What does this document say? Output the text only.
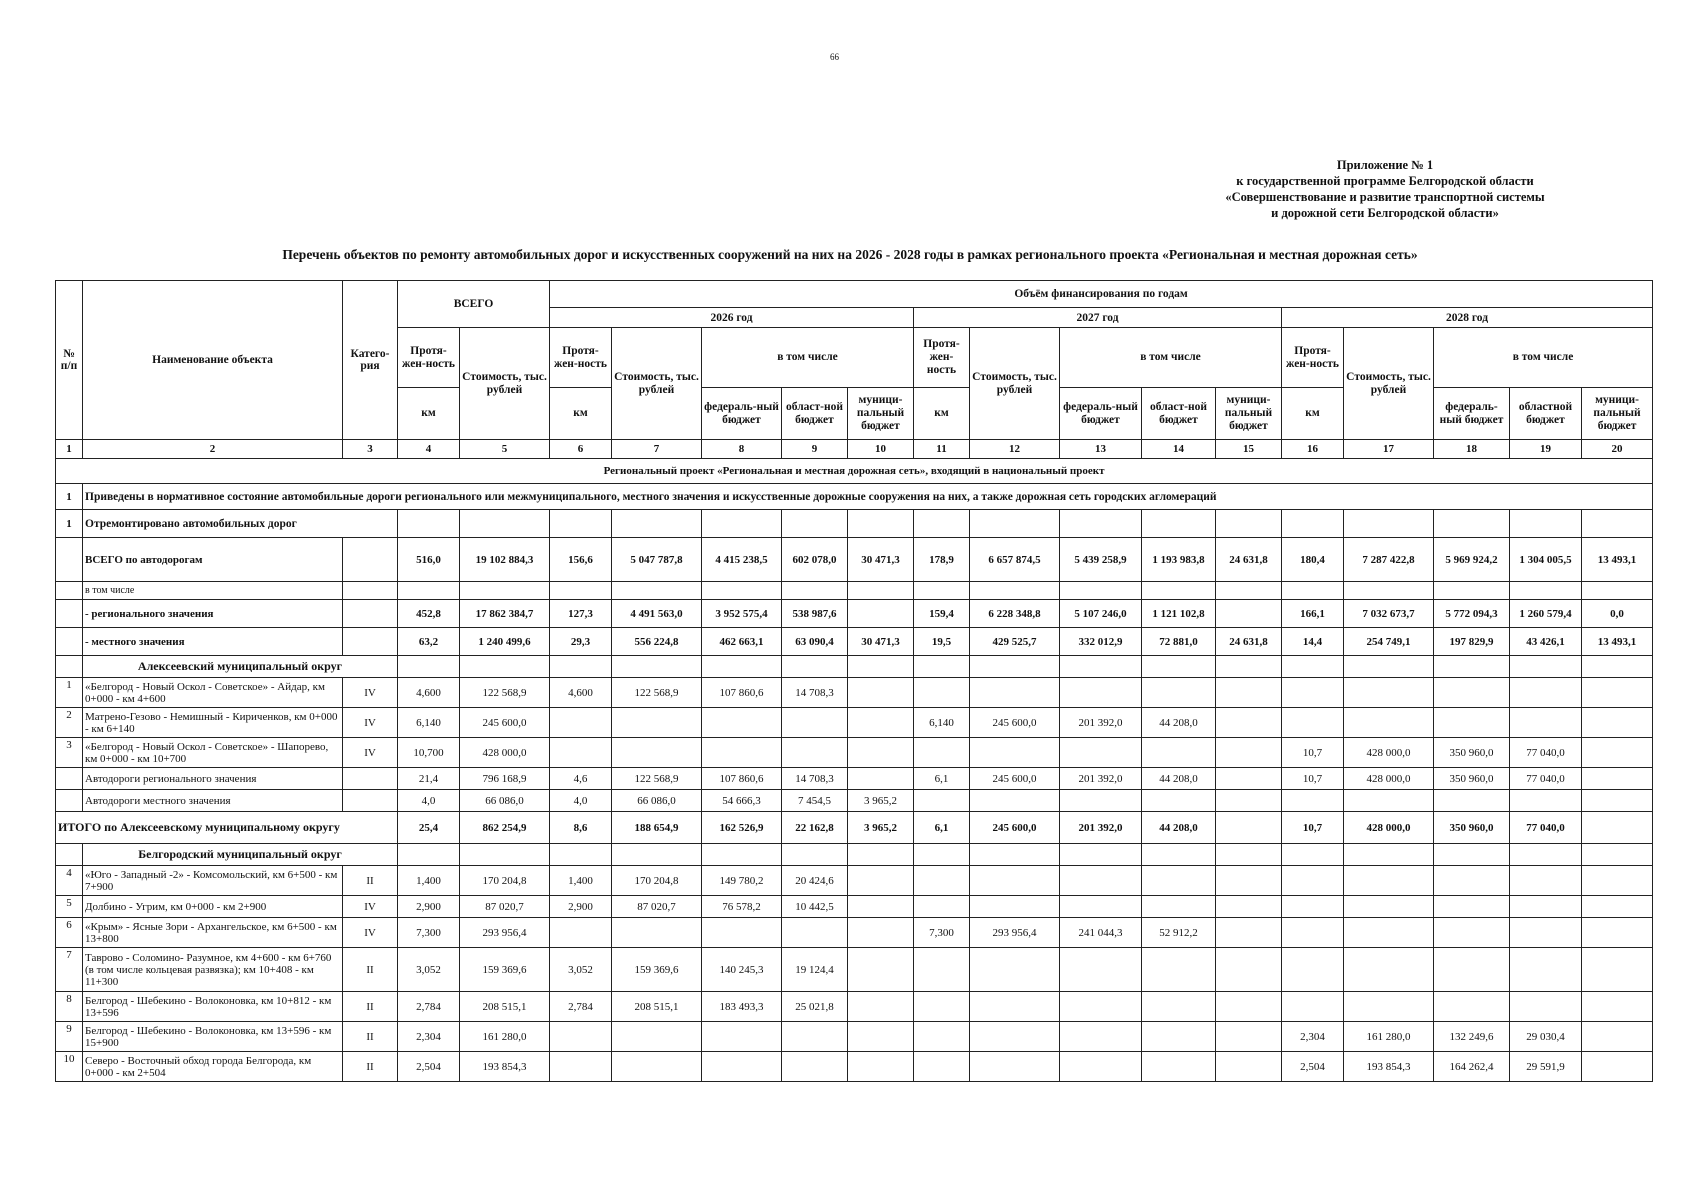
66
Приложение № 1
к государственной программе Белгородской области
«Совершенствование и развитие транспортной системы
и дорожной сети Белгородской области»
Перечень объектов по ремонту автомобильных дорог и искусственных сооружений на них на 2026 - 2028 годы в рамках регионального проекта «Региональная и местная дорожная сеть»
№ п/п	Наименование объекта	Катего-рия	ВСЕГО		Объём финансирования по годам														
					2026 год					2027 год					2028 год				
			Протя-жен-ность	Стоимость, тыс. рублей	Протя-жен-ность	Стоимость, тыс. рублей	в том числе			Протя-жен-ность	Стоимость, тыс. рублей	в том числе			Протя-жен-ность	Стоимость, тыс. рублей	в том числе		
			км		км		федераль-ный бюджет	област-ной бюджет	муници-пальный бюджет	км		федераль-ный бюджет	област-ной бюджет	муници-пальный бюджет	км		федераль-ный бюджет	областной бюджет	муници-пальный бюджет
1	2	3	4	5	6	7	8	9	10	11	12	13	14	15	16	17	18	19	20
Региональный проект «Региональная и местная дорожная сеть», входящий в национальный проект																			
1	Приведены в нормативное состояние автомобильные дороги регионального или межмуниципального, местного значения и искусственные дорожные сооружения на них, а также дорожная сеть городских агломераций																		
1	Отремонтировано автомобильных дорог																		
	ВСЕГО по автодорогам		516,0	19 102 884,3	156,6	5 047 787,8	4 415 238,5	602 078,0	30 471,3	178,9	6 657 874,5	5 439 258,9	1 193 983,8	24 631,8	180,4	7 287 422,8	5 969 924,2	1 304 005,5	13 493,1
	в том числе																		
	- регионального значения		452,8	17 862 384,7	127,3	4 491 563,0	3 952 575,4	538 987,6		159,4	6 228 348,8	5 107 246,0	1 121 102,8		166,1	7 032 673,7	5 772 094,3	1 260 579,4	0,0
	- местного значения		63,2	1 240 499,6	29,3	556 224,8	462 663,1	63 090,4	30 471,3	19,5	429 525,7	332 012,9	72 881,0	24 631,8	14,4	254 749,1	197 829,9	43 426,1	13 493,1
	Алексеевский муниципальный округ																		
1	«Белгород - Новый Оскол - Советское» - Айдар, км 0+000 - км 4+600	IV	4,600	122 568,9	4,600	122 568,9	107 860,6	14 708,3											
2	Матрено-Гезово - Немишный - Кириченков, км 0+000 - км 6+140	IV	6,140	245 600,0						6,140	245 600,0	201 392,0	44 208,0						
3	«Белгород - Новый Оскол - Советское» - Шапорево, км 0+000 - км 10+700	IV	10,700	428 000,0											10,7	428 000,0	350 960,0	77 040,0	
	Автодороги регионального значения		21,4	796 168,9	4,6	122 568,9	107 860,6	14 708,3		6,1	245 600,0	201 392,0	44 208,0		10,7	428 000,0	350 960,0	77 040,0	
	Автодороги местного значения		4,0	66 086,0	4,0	66 086,0	54 666,3	7 454,5	3 965,2										
ИТОГО по Алексеевскому муниципальному округу			25,4	862 254,9	8,6	188 654,9	162 526,9	22 162,8	3 965,2	6,1	245 600,0	201 392,0	44 208,0		10,7	428 000,0	350 960,0	77 040,0	
	Белгородский муниципальный округ																		
4	«Юго - Западный -2» - Комсомольский, км 6+500 - км 7+900	II	1,400	170 204,8	1,400	170 204,8	149 780,2	20 424,6											
5	Долбино - Угрим, км 0+000 - км 2+900	IV	2,900	87 020,7	2,900	87 020,7	76 578,2	10 442,5											
6	«Крым» - Ясные Зори - Архангельское, км 6+500 - км 13+800	IV	7,300	293 956,4						7,300	293 956,4	241 044,3	52 912,2						
7	Таврово - Соломино- Разумное, км 4+600 - км 6+760 (в том числе кольцевая развязка); км 10+408 - км 11+300	II	3,052	159 369,6	3,052	159 369,6	140 245,3	19 124,4											
8	Белгород - Шебекино - Волоконовка, км 10+812 - км 13+596	II	2,784	208 515,1	2,784	208 515,1	183 493,3	25 021,8											
9	Белгород - Шебекино - Волоконовка, км 13+596 - км 15+900	II	2,304	161 280,0											2,304	161 280,0	132 249,6	29 030,4	
10	Северо - Восточный обход города Белгорода, км 0+000 - км 2+504	II	2,504	193 854,3											2,504	193 854,3	164 262,4	29 591,9	
